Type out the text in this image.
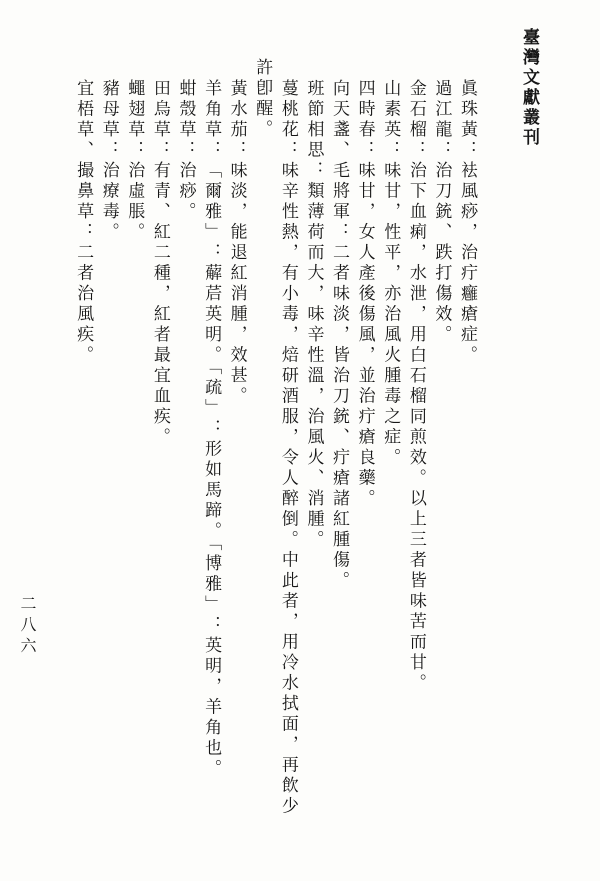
臺灣文獻叢刊
眞珠黃：袪風痧，治疔癰瘡症。
過江龍：治刀銃、跌打傷效。
金石榴：治下血痢，水泄，用白石榴同煎效。以上三者皆味苦而甘。
山素英：味甘，性平，亦治風火腫毒之症。
四時春：味甘，女人產後傷風，並治疔瘡良藥。
向天盞、毛將軍：二者味淡，皆治刀銃、疔瘡諸紅腫傷。
班節相思：類薄荷而大，味辛性溫，治風火、消腫。
蔓桃花：味辛性熱，有小毒，焙研酒服，令人醉倒。中此者，用冷水拭面，再飲少
許卽醒。
黃水茄：味淡，能退紅消腫，效甚。
羊角草：「爾雅」：薢茩英明。「疏」：形如馬蹄。「博雅」：英明，羊角也。
蚶殼草：治痧。
田烏草：有青、紅二種，紅者最宜血疾。
蠅翅草：治虛脹。
豬母草：治療毒。
宜梧草、撮鼻草：二者治風疾。
二八六
